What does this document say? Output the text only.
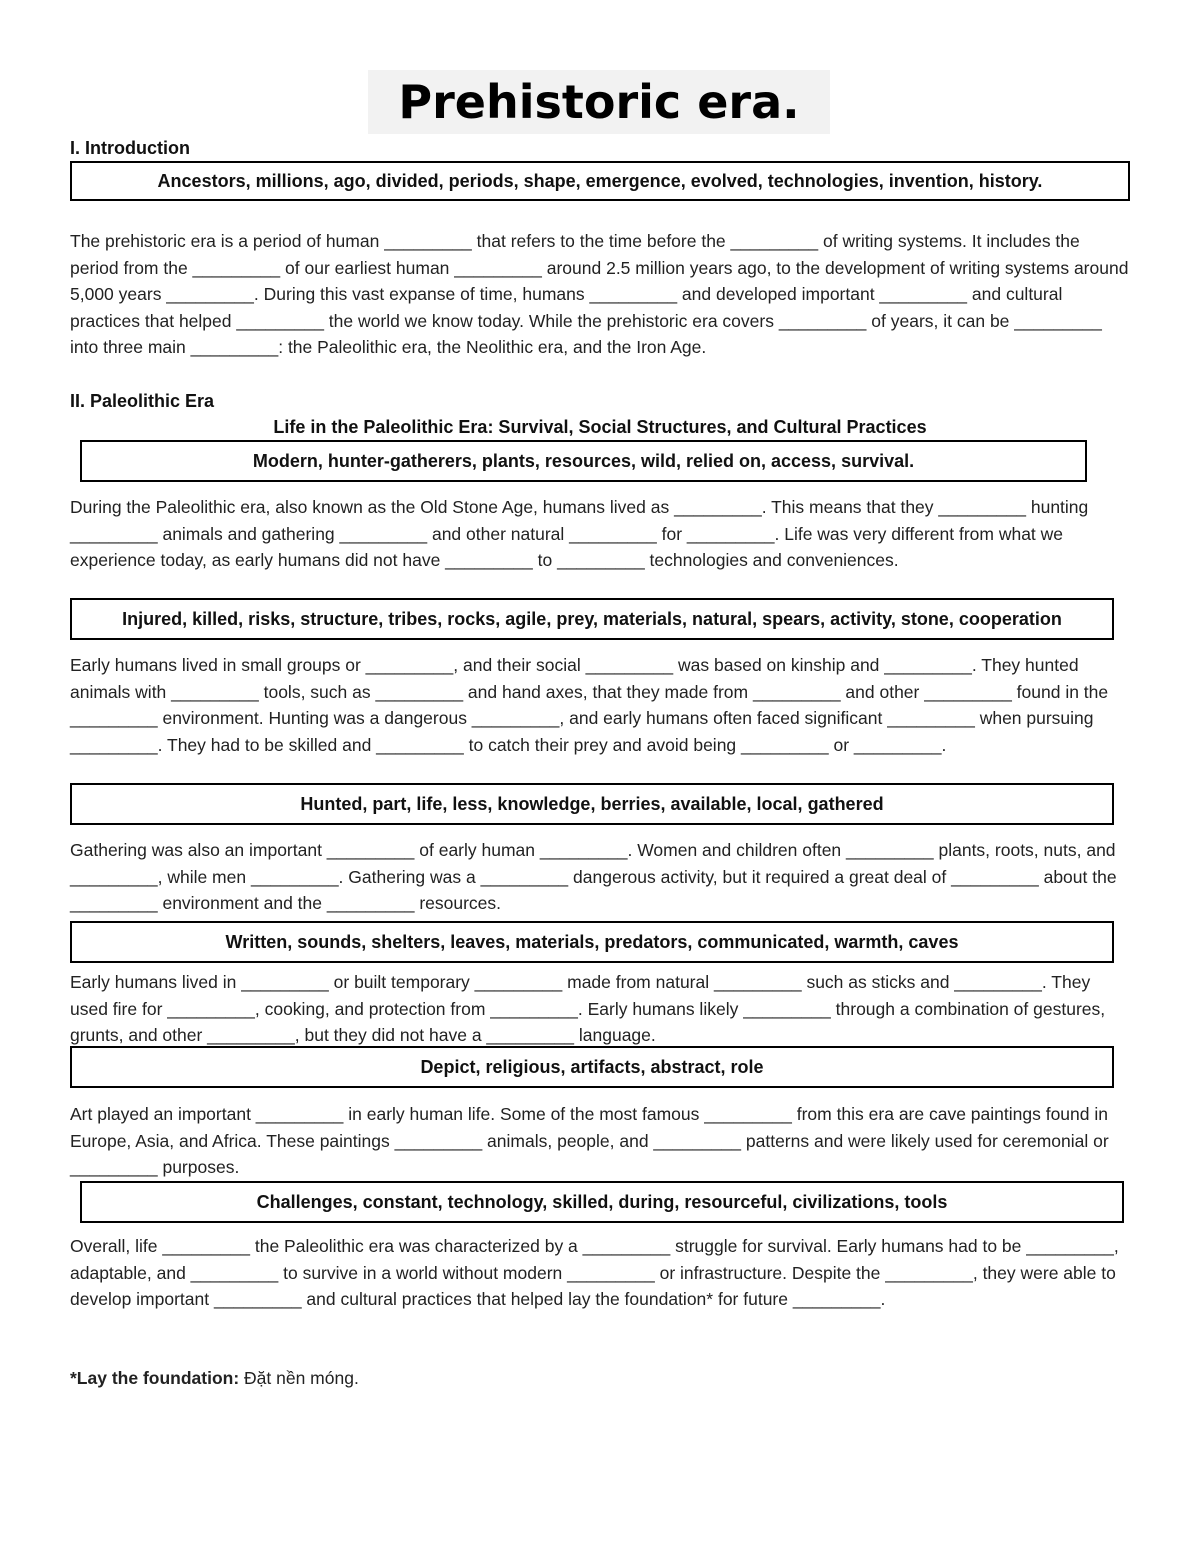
Prehistoric era.
I. Introduction
Ancestors, millions, ago, divided, periods, shape, emergence, evolved, technologies, invention, history.

The prehistoric era is a period of human _________ that refers to the time before the _________ of writing systems. It includes the period from the _________ of our earliest human _________ around 2.5 million years ago, to the development of writing systems around 5,000 years _________. During this vast expanse of time, humans _________ and developed important _________ and cultural practices that helped _________ the world we know today. While the prehistoric era covers _________ of years, it can be _________ into three main _________: the Paleolithic era, the Neolithic era, and the Iron Age.

II. Paleolithic Era
Life in the Paleolithic Era: Survival, Social Structures, and Cultural Practices
Modern, hunter-gatherers, plants, resources, wild, relied on, access, survival.

During the Paleolithic era, also known as the Old Stone Age, humans lived as _________. This means that they _________ hunting _________ animals and gathering _________ and other natural _________ for _________. Life was very different from what we experience today, as early humans did not have _________ to _________ technologies and conveniences.

Injured, killed, risks, structure, tribes, rocks, agile, prey, materials, natural, spears, activity, stone, cooperation

Early humans lived in small groups or _________, and their social _________ was based on kinship and _________. They hunted animals with _________ tools, such as _________ and hand axes, that they made from _________ and other _________ found in the _________ environment. Hunting was a dangerous _________, and early humans often faced significant _________ when pursuing _________. They had to be skilled and _________ to catch their prey and avoid being _________ or _________.

Hunted, part, life, less, knowledge, berries, available, local, gathered

Gathering was also an important _________ of early human _________. Women and children often _________ plants, roots, nuts, and _________, while men _________. Gathering was a _________ dangerous activity, but it required a great deal of _________ about the _________ environment and the _________ resources.

Written, sounds, shelters, leaves, materials, predators, communicated, warmth, caves

Early humans lived in _________ or built temporary _________ made from natural _________ such as sticks and _________. They used fire for _________, cooking, and protection from _________. Early humans likely _________ through a combination of gestures, grunts, and other _________, but they did not have a _________ language.

Depict, religious, artifacts, abstract, role

Art played an important _________ in early human life. Some of the most famous _________ from this era are cave paintings found in Europe, Asia, and Africa. These paintings _________ animals, people, and _________ patterns and were likely used for ceremonial or _________ purposes.

Challenges, constant, technology, skilled, during, resourceful, civilizations, tools

Overall, life _________ the Paleolithic era was characterized by a _________ struggle for survival. Early humans had to be _________, adaptable, and _________ to survive in a world without modern _________ or infrastructure. Despite the _________, they were able to develop important _________ and cultural practices that helped lay the foundation* for future _________.

*Lay the foundation: Đặt nền móng.
